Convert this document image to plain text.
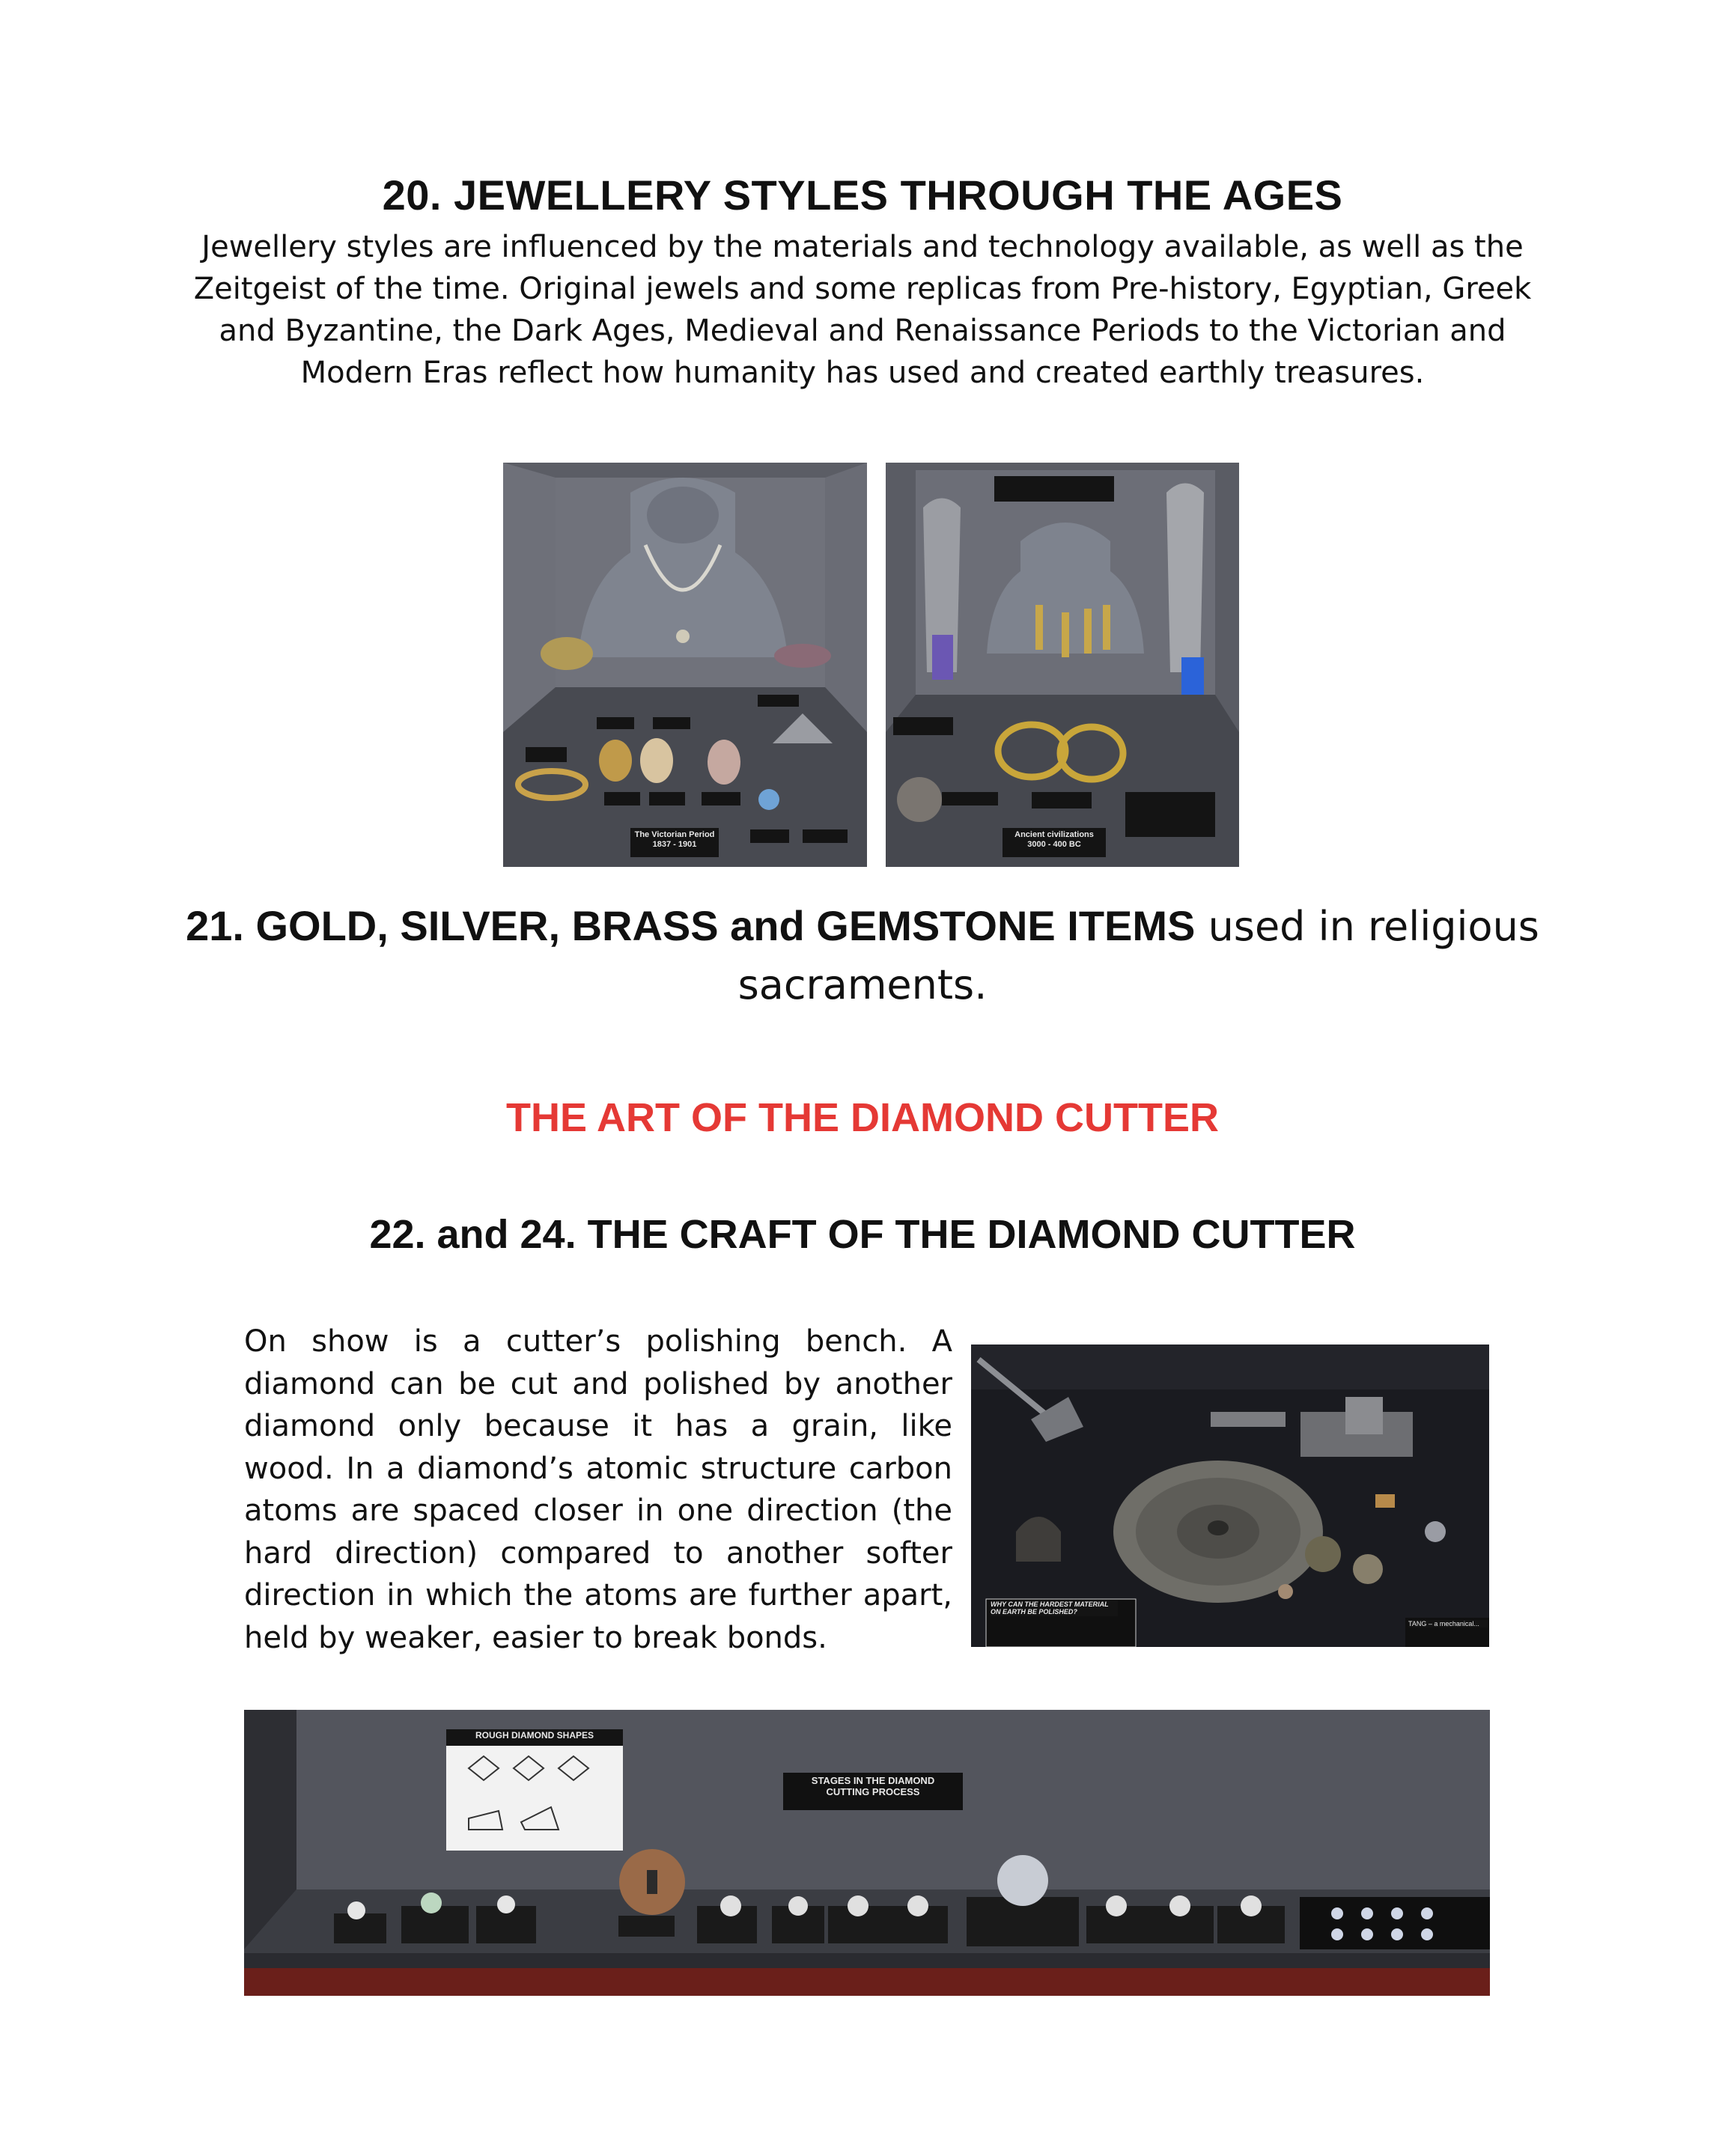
20. JEWELLERY STYLES THROUGH THE AGES

Jewellery styles are influenced by the materials and technology available, as well as the Zeitgeist of the time. Original jewels and some replicas from Pre-history, Egyptian, Greek and Byzantine, the Dark Ages, Medieval and Renaissance Periods to the Victorian and Modern Eras reflect how humanity has used and created earthly treasures.

The Victorian Period
1837 - 1901
Ancient civilizations
3000 - 400 BC

21. GOLD, SILVER, BRASS and GEMSTONE ITEMS used in religious sacraments.

THE ART OF THE DIAMOND CUTTER
22. and 24. THE CRAFT OF THE DIAMOND CUTTER

On show is a cutter’s polishing bench. A diamond can be cut and polished by another diamond only because it has a grain, like wood. In a diamond’s atomic structure carbon atoms are spaced closer in one direction (the hard direction) compared to another softer direction in which the atoms are further apart, held by weaker, easier to break bonds.

WHY CAN THE HARDEST MATERIAL ON EARTH BE POLISHED?
TANG – a mechanical...
ROUGH DIAMOND SHAPES
STAGES IN THE DIAMOND CUTTING PROCESS
